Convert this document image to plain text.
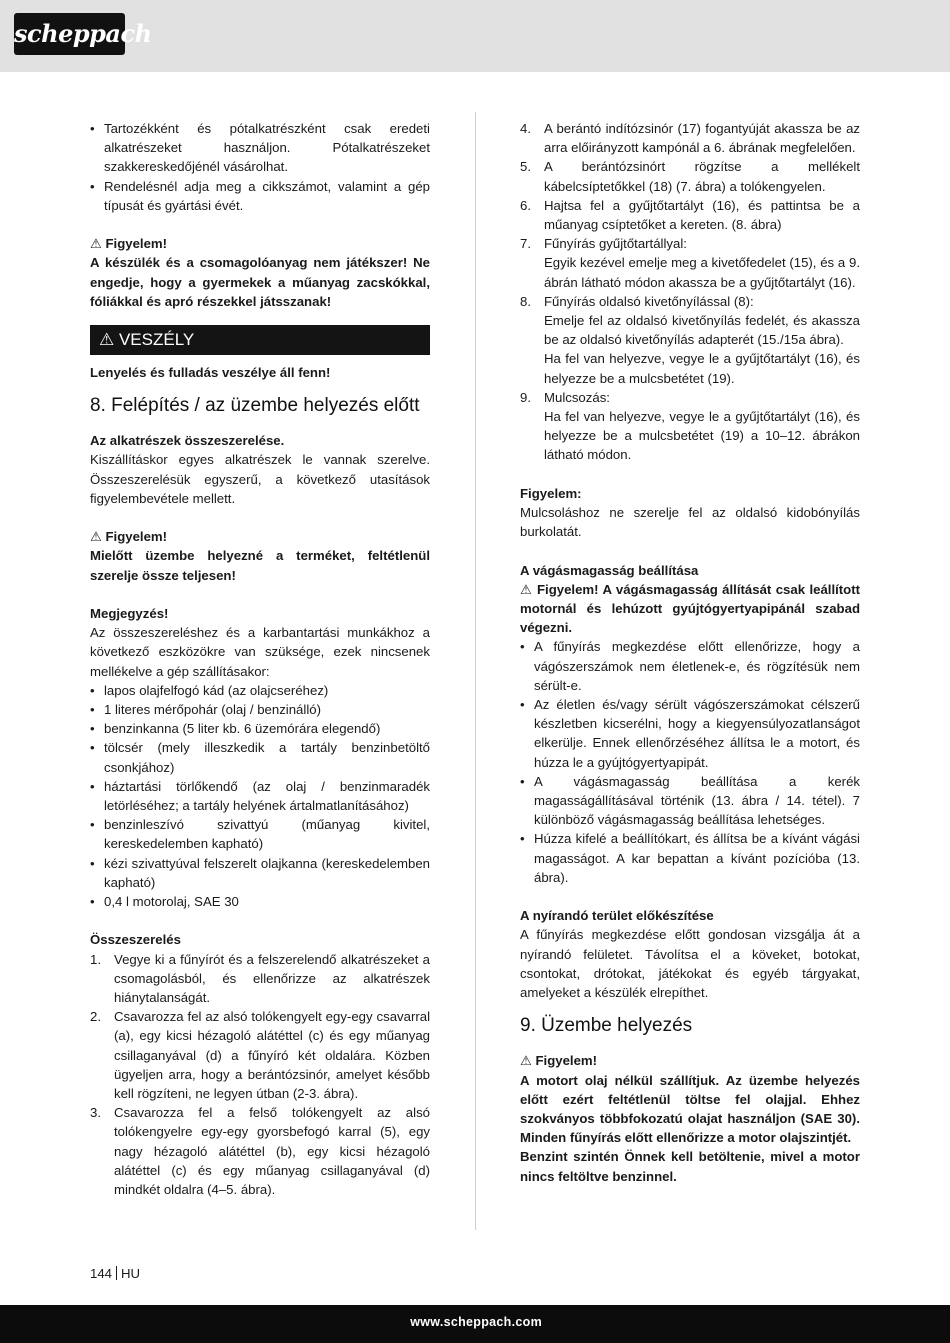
scheppach
• Tartozékként és pótalkatrészként csak eredeti alkatrészeket használjon. Pótalkatrészeket szakkereskedőjénél vásárolhat.
• Rendelésnél adja meg a cikkszámot, valamint a gép típusát és gyártási évét.

⚠ Figyelem!

A készülék és a csomagolóanyag nem játékszer! Ne engedje, hogy a gyermekek a műanyag zacskókkal, fóliákkal és apró részekkel játsszanak!

⚠ VESZÉLY

Lenyelés és fulladás veszélye áll fenn!

8. Felépítés / az üzembe helyezés előtt

Az alkatrészek összeszerelése.

Kiszállításkor egyes alkatrészek le vannak szerelve. Összeszerelésük egyszerű, a következő utasítások figyelembevétele mellett.

⚠ Figyelem!

Mielőtt üzembe helyezné a terméket, feltétlenül szerelje össze teljesen!

Megjegyzés!

Az összeszereléshez és a karbantartási munkákhoz a következő eszközökre van szüksége, ezek nincsenek mellékelve a gép szállításakor:

• lapos olajfelfogó kád (az olajcseréhez)
• 1 literes mérőpohár (olaj / benzinálló)
• benzinkanna (5 liter kb. 6 üzemórára elegendő)
• tölcsér (mely illeszkedik a tartály benzinbetöltő csonkjához)
• háztartási törlőkendő (az olaj / benzinmaradék letörléséhez; a tartály helyének ártalmatlanításához)
• benzinleszívó szivattyú (műanyag kivitel, kereskedelemben kapható)
• kézi szivattyúval felszerelt olajkanna (kereskedelemben kapható)
• 0,4 l motorolaj, SAE 30

Összeszerelés

1. Vegye ki a fűnyírót és a felszerelendő alkatrészeket a csomagolásból, és ellenőrizze az alkatrészek hiánytalanságát.
2. Csavarozza fel az alsó tolókengyelt egy-egy csavarral (a), egy kicsi hézagoló alátéttel (c) és egy műanyag csillaganyával (d) a fűnyíró két oldalára. Közben ügyeljen arra, hogy a berántózsinór, amelyet később kell rögzíteni, ne legyen útban (2-3. ábra).
3. Csavarozza fel a felső tolókengyelt az alsó tolókengyelre egy-egy gyorsbefogó karral (5), egy nagy hézagoló alátéttel (b), egy kicsi hézagoló alátéttel (c) és egy műanyag csillaganyával (d) mindkét oldalra (4–5. ábra).
4. A berántó indítózsinór (17) fogantyúját akassza be az arra előirányzott kampónál a 6. ábrának megfelelően.
5. A berántózsinórt rögzítse a mellékelt kábelcsíptetőkkel (18) (7. ábra) a tolókengyelen.
6. Hajtsa fel a gyűjtőtartályt (16), és pattintsa be a műanyag csíptetőket a kereten. (8. ábra)
7. Fűnyírás gyűjtőtartállyal:

Egyik kezével emelje meg a kivetőfedelet (15), és a 9. ábrán látható módon akassza be a gyűjtőtartályt (16).

8. Fűnyírás oldalsó kivetőnyílással (8):

Emelje fel az oldalsó kivetőnyílás fedelét, és akassza be az oldalsó kivetőnyílás adapterét (15./15a ábra).

Ha fel van helyezve, vegye le a gyűjtőtartályt (16), és helyezze be a mulcsbetétet (19).

9. Mulcsozás:

Ha fel van helyezve, vegye le a gyűjtőtartályt (16), és helyezze be a mulcsbetétet (19) a 10–12. ábrákon látható módon.

Figyelem:

Mulcsoláshoz ne szerelje fel az oldalsó kidobónyílás burkolatát.

A vágásmagasság beállítása

⚠ Figyelem! A vágásmagasság állítását csak leállított motornál és lehúzott gyújtógyertyapipánál szabad végezni.

• A fűnyírás megkezdése előtt ellenőrizze, hogy a vágószerszámok nem életlenek-e, és rögzítésük nem sérült-e.
• Az életlen és/vagy sérült vágószerszámokat célszerű készletben kicserélni, hogy a kiegyensúlyozatlanságot elkerülje. Ennek ellenőrzéséhez állítsa le a motort, és húzza le a gyújtógyertyapipát.
• A vágásmagasság beállítása a kerék magasságállításával történik (13. ábra / 14. tétel). 7 különböző vágásmagasság beállítása lehetséges.
• Húzza kifelé a beállítókart, és állítsa be a kívánt vágási magasságot. A kar bepattan a kívánt pozícióba (13. ábra).

A nyírandó terület előkészítése

A fűnyírás megkezdése előtt gondosan vizsgálja át a nyírandó felületet. Távolítsa el a köveket, botokat, csontokat, drótokat, játékokat és egyéb tárgyakat, amelyeket a készülék elrepíthet.

9. Üzembe helyezés

⚠ Figyelem!

A motort olaj nélkül szállítjuk. Az üzembe helyezés előtt ezért feltétlenül töltse fel olajjal. Ehhez szokványos többfokozatú olajat használjon (SAE 30). Minden fűnyírás előtt ellenőrizze a motor olajszintjét.

Benzint szintén Önnek kell betöltenie, mivel a motor nincs feltöltve benzinnel.

144 HU
www.scheppach.com
